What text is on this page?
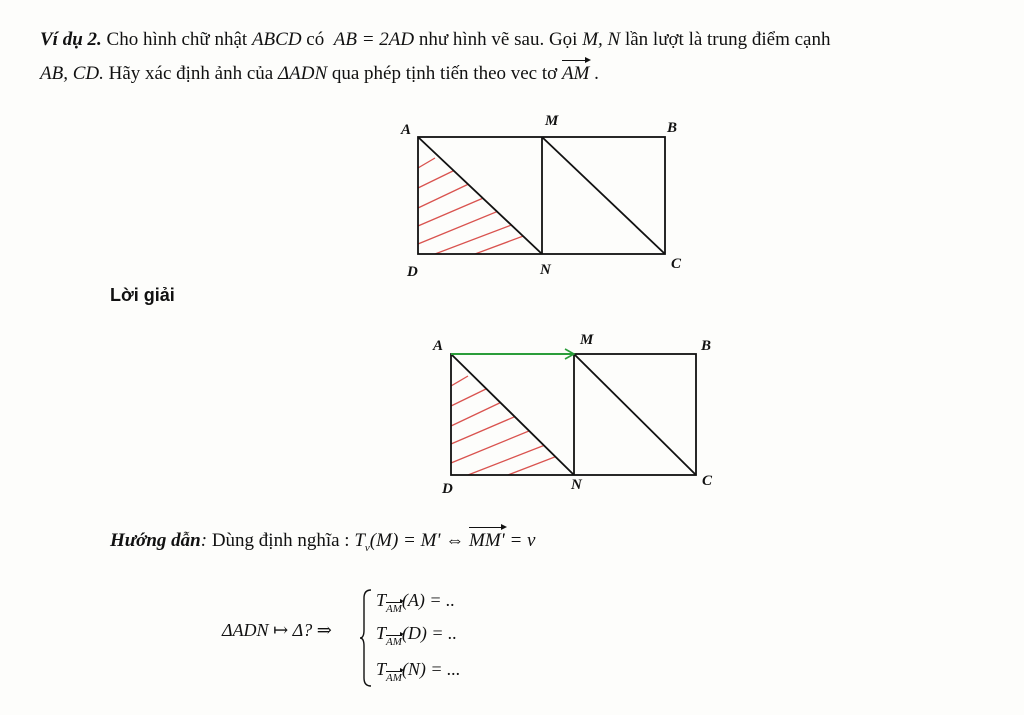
Ví dụ 2. Cho hình chữ nhật ABCD có  AB = 2AD như hình vẽ sau. Gọi M, N lần lượt là trung điểm cạnh
AB, CD. Hãy xác định ảnh của ΔADN qua phép tịnh tiến theo vec tơ AM .
A
M	B
D	N	C
Lời giải
A	M	B
D	N	C
Hướng dẫn: Dùng định nghĩa : $T_v(M) = M'$ ⇔ MM' = v
ΔADN ↦ Δ? ⇒
$T_{AM}(A)$ = ..
$T_{AM}(D)$ = ..
$T_{AM}(N)$ = ...
